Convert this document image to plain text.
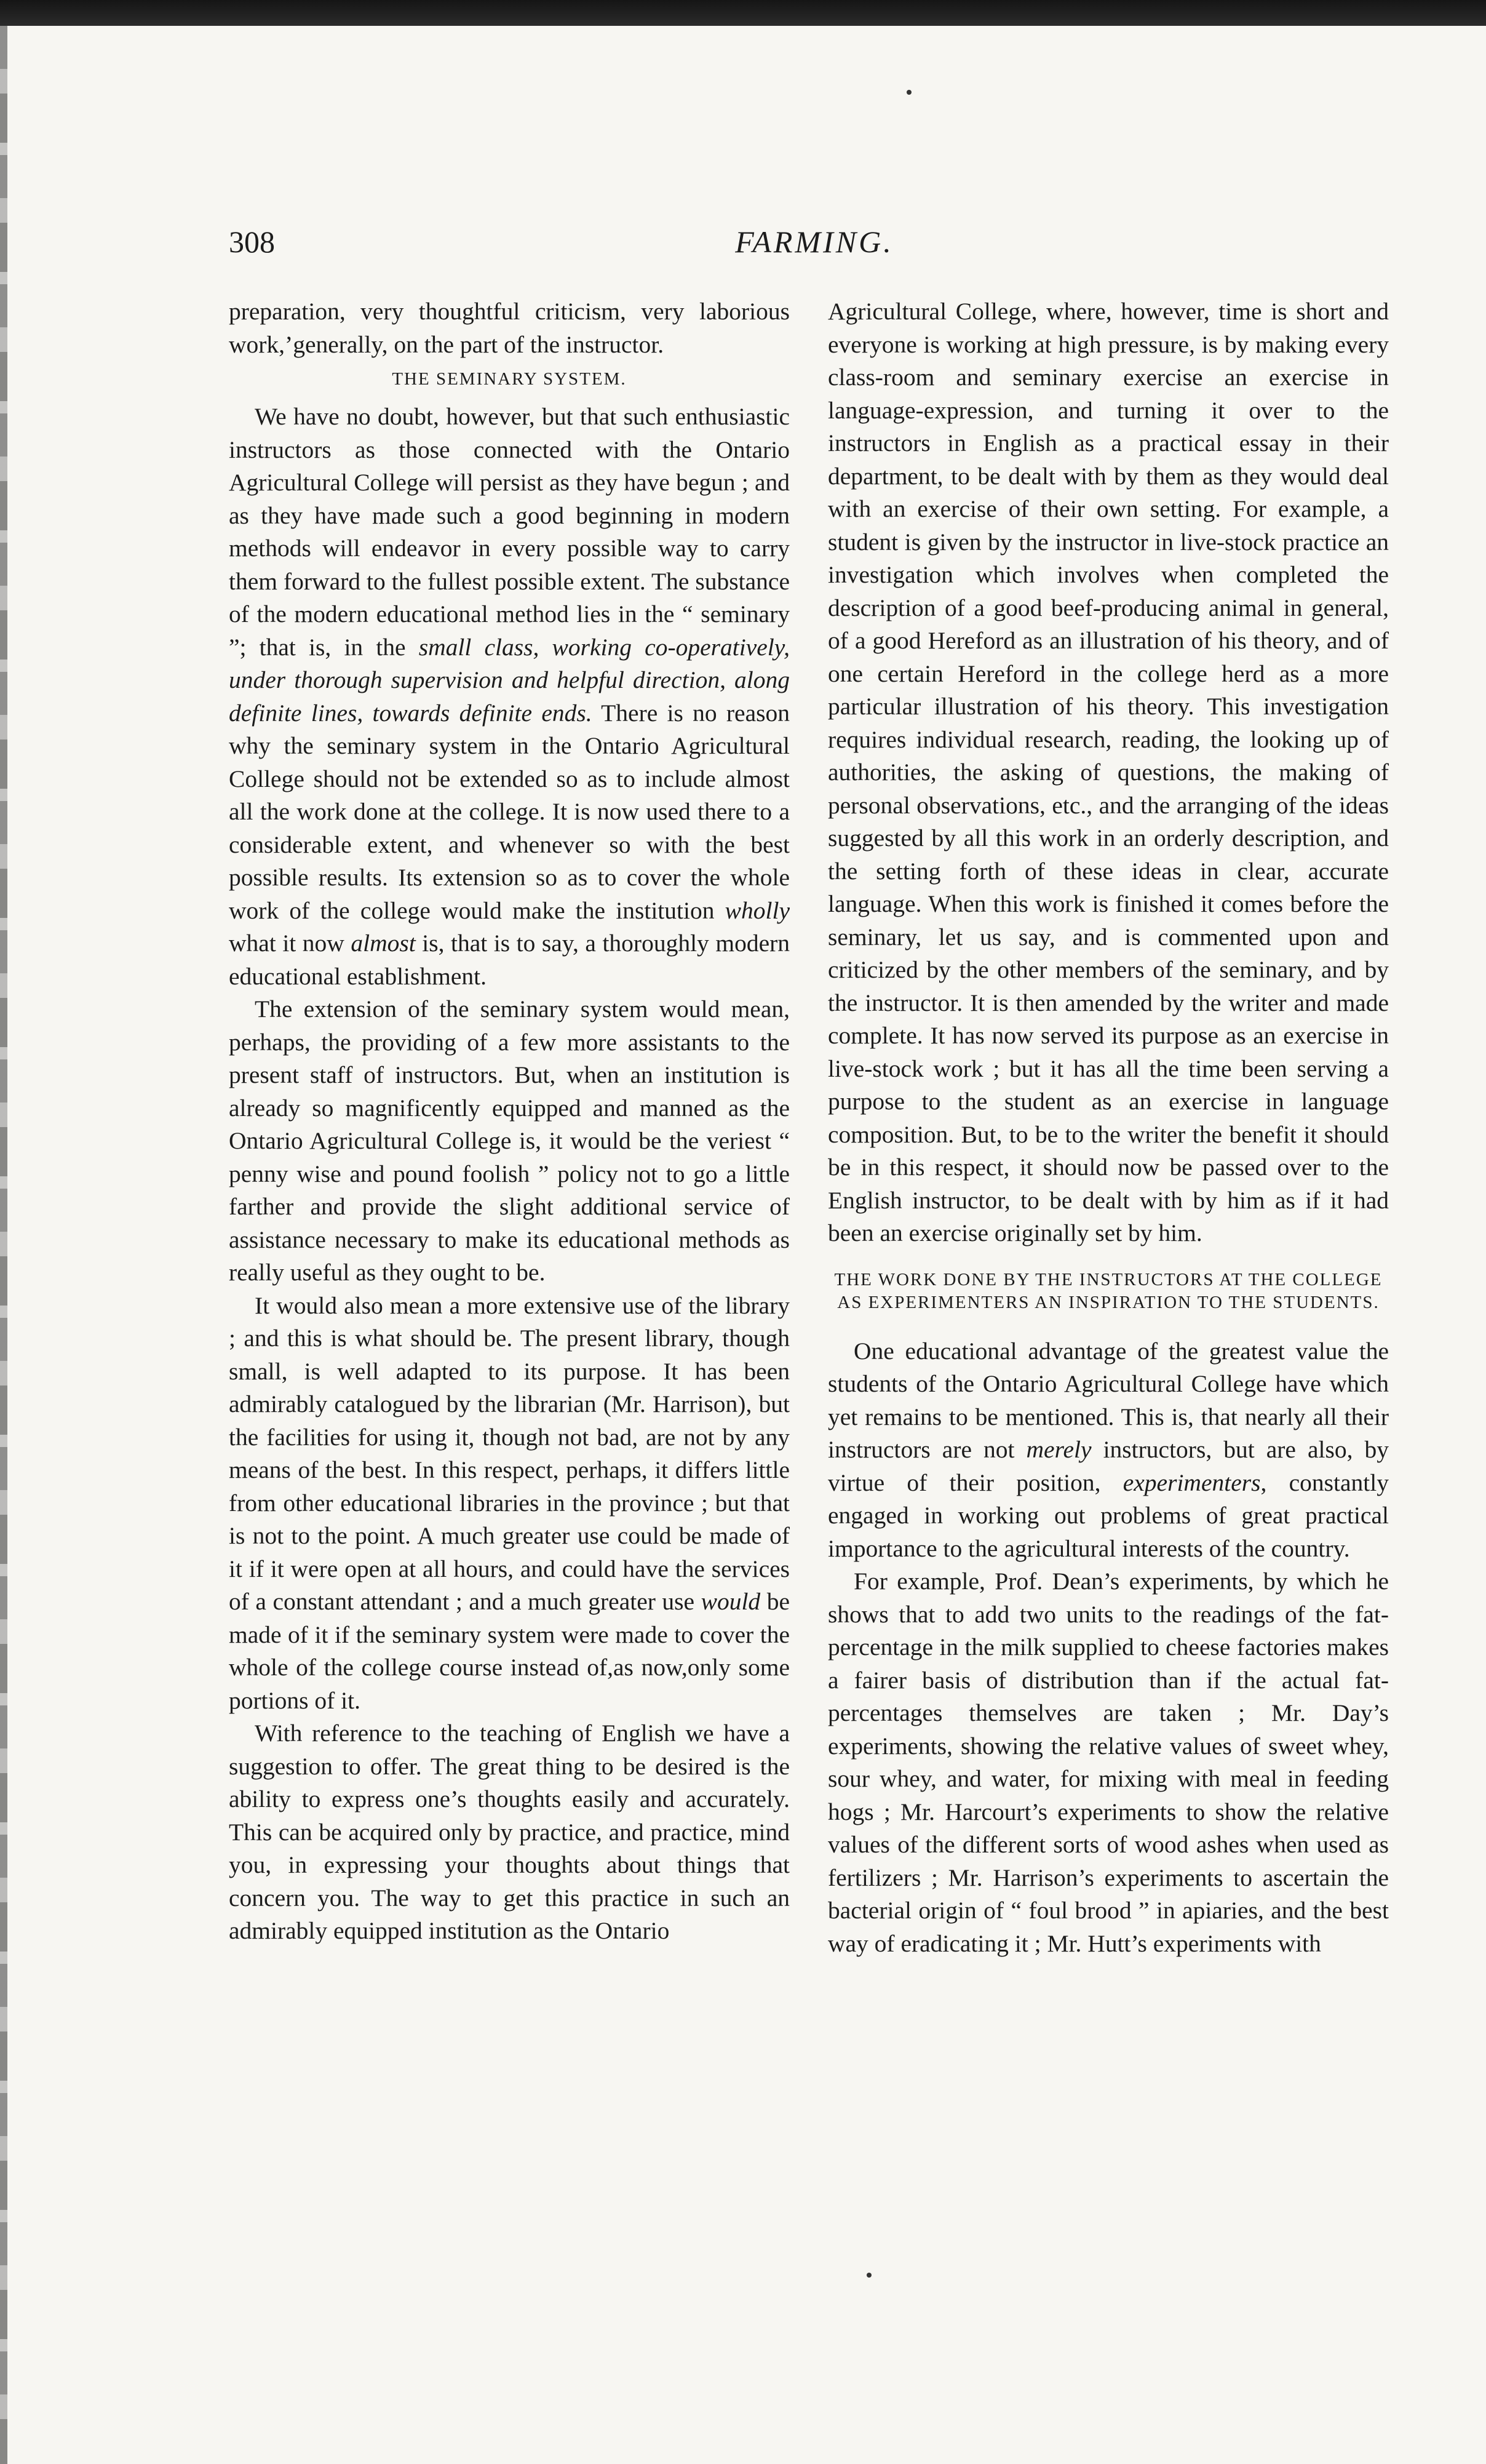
308	FARMING.

preparation, very thoughtful criticism, very laborious work,’generally, on the part of the instructor.

THE SEMINARY SYSTEM.

We have no doubt, however, but that such enthusiastic instructors as those connected with the Ontario Agricultural College will persist as they have begun ; and as they have made such a good beginning in modern methods will endeavor in every possible way to carry them forward to the fullest possible extent. The substance of the modern educational method lies in the “ seminary ”; that is, in the small class, working co-operatively, under thorough supervision and helpful direction, along definite lines, towards definite ends. There is no reason why the seminary system in the Ontario Agricultural College should not be extended so as to include almost all the work done at the college. It is now used there to a considerable extent, and whenever so with the best possible results. Its extension so as to cover the whole work of the college would make the institution wholly what it now almost is, that is to say, a thoroughly modern educational establishment.

The extension of the seminary system would mean, perhaps, the providing of a few more assistants to the present staff of instructors. But, when an institution is already so magnificently equipped and manned as the Ontario Agricultural College is, it would be the veriest “ penny wise and pound foolish ” policy not to go a little farther and provide the slight additional service of assistance necessary to make its educational methods as really useful as they ought to be.

It would also mean a more extensive use of the library ; and this is what should be. The present library, though small, is well adapted to its purpose. It has been admirably catalogued by the librarian (Mr. Harrison), but the facilities for using it, though not bad, are not by any means of the best. In this respect, perhaps, it differs little from other educational libraries in the province ; but that is not to the point. A much greater use could be made of it if it were open at all hours, and could have the services of a constant attendant ; and a much greater use would be made of it if the seminary system were made to cover the whole of the college course instead of,as now,only some portions of it.

With reference to the teaching of English we have a suggestion to offer. The great thing to be desired is the ability to express one’s thoughts easily and accurately. This can be acquired only by practice, and practice, mind you, in expressing your thoughts about things that concern you. The way to get this practice in such an admirably equipped institution as the Ontario

Agricultural College, where, however, time is short and everyone is working at high pressure, is by making every class-room and seminary exercise an exercise in language-expression, and turning it over to the instructors in English as a practical essay in their department, to be dealt with by them as they would deal with an exercise of their own setting. For example, a student is given by the instructor in live-stock practice an investigation which involves when completed the description of a good beef-producing animal in general, of a good Hereford as an illustration of his theory, and of one certain Hereford in the college herd as a more particular illustration of his theory. This investigation requires individual research, reading, the looking up of authorities, the asking of questions, the making of personal observations, etc., and the arranging of the ideas suggested by all this work in an orderly description, and the setting forth of these ideas in clear, accurate language. When this work is finished it comes before the seminary, let us say, and is commented upon and criticized by the other members of the seminary, and by the instructor. It is then amended by the writer and made complete. It has now served its purpose as an exercise in live-stock work ; but it has all the time been serving a purpose to the student as an exercise in language composition. But, to be to the writer the benefit it should be in this respect, it should now be passed over to the English instructor, to be dealt with by him as if it had been an exercise originally set by him.

THE WORK DONE BY THE INSTRUCTORS AT THE COLLEGE AS EXPERIMENTERS AN INSPIRATION TO THE STUDENTS.

One educational advantage of the greatest value the students of the Ontario Agricultural College have which yet remains to be mentioned. This is, that nearly all their instructors are not merely instructors, but are also, by virtue of their position, experimenters, constantly engaged in working out problems of great practical importance to the agricultural interests of the country.

For example, Prof. Dean’s experiments, by which he shows that to add two units to the readings of the fat-percentage in the milk supplied to cheese factories makes a fairer basis of distribution than if the actual fat-percentages themselves are taken ; Mr. Day’s experiments, showing the relative values of sweet whey, sour whey, and water, for mixing with meal in feeding hogs ; Mr. Harcourt’s experiments to show the relative values of the different sorts of wood ashes when used as fertilizers ; Mr. Harrison’s experiments to ascertain the bacterial origin of “ foul brood ” in apiaries, and the best way of eradicating it ; Mr. Hutt’s experiments with
